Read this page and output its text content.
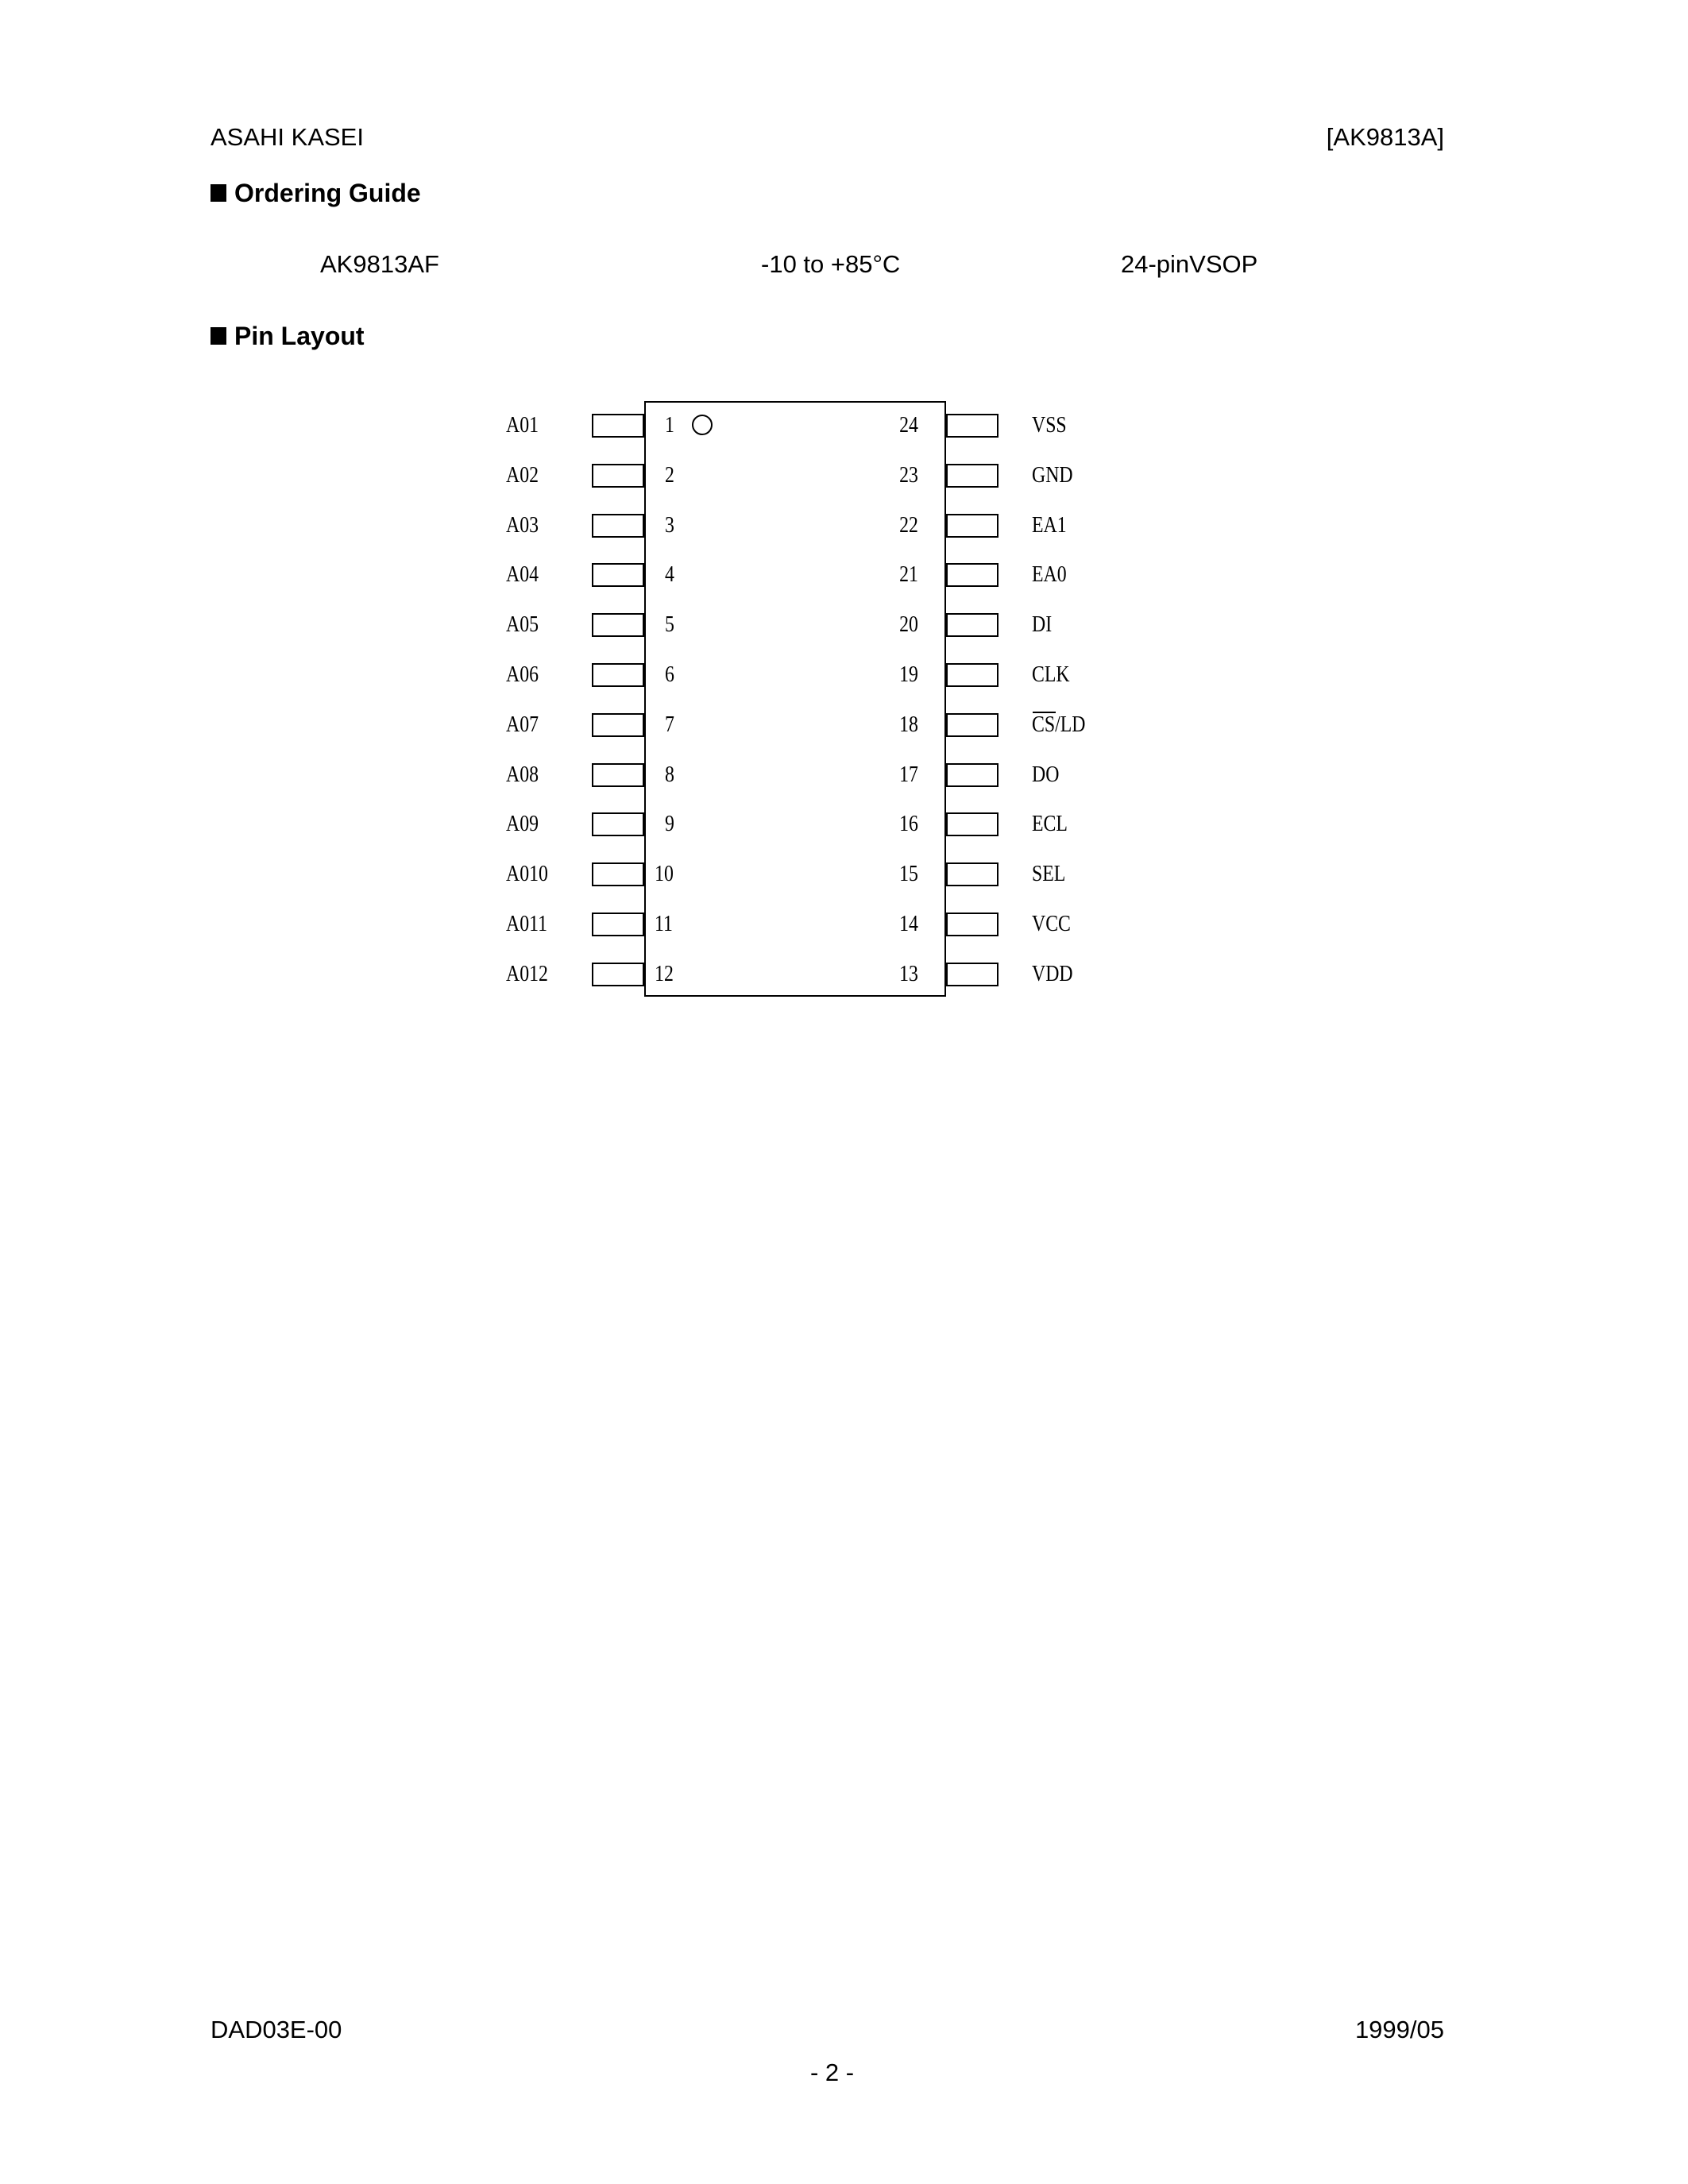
ASAHI KASEI	[AK9813A]
Ordering Guide
AK9813AF	-10 to +85°C	24-pinVSOP
Pin Layout
A01	1
A02	2
A03	3
A04	4
A05	5
A06	6
A07	7
A08	8
A09	9
A010	10
A011	11
A012	12
24	VSS
23	GND
22	EA1
21	EA0
20	DI
19	CLK
18	CS/LD
17	DO
16	ECL
15	SEL
14	VCC
13	VDD
DAD03E-00	1999/05
- 2 -
